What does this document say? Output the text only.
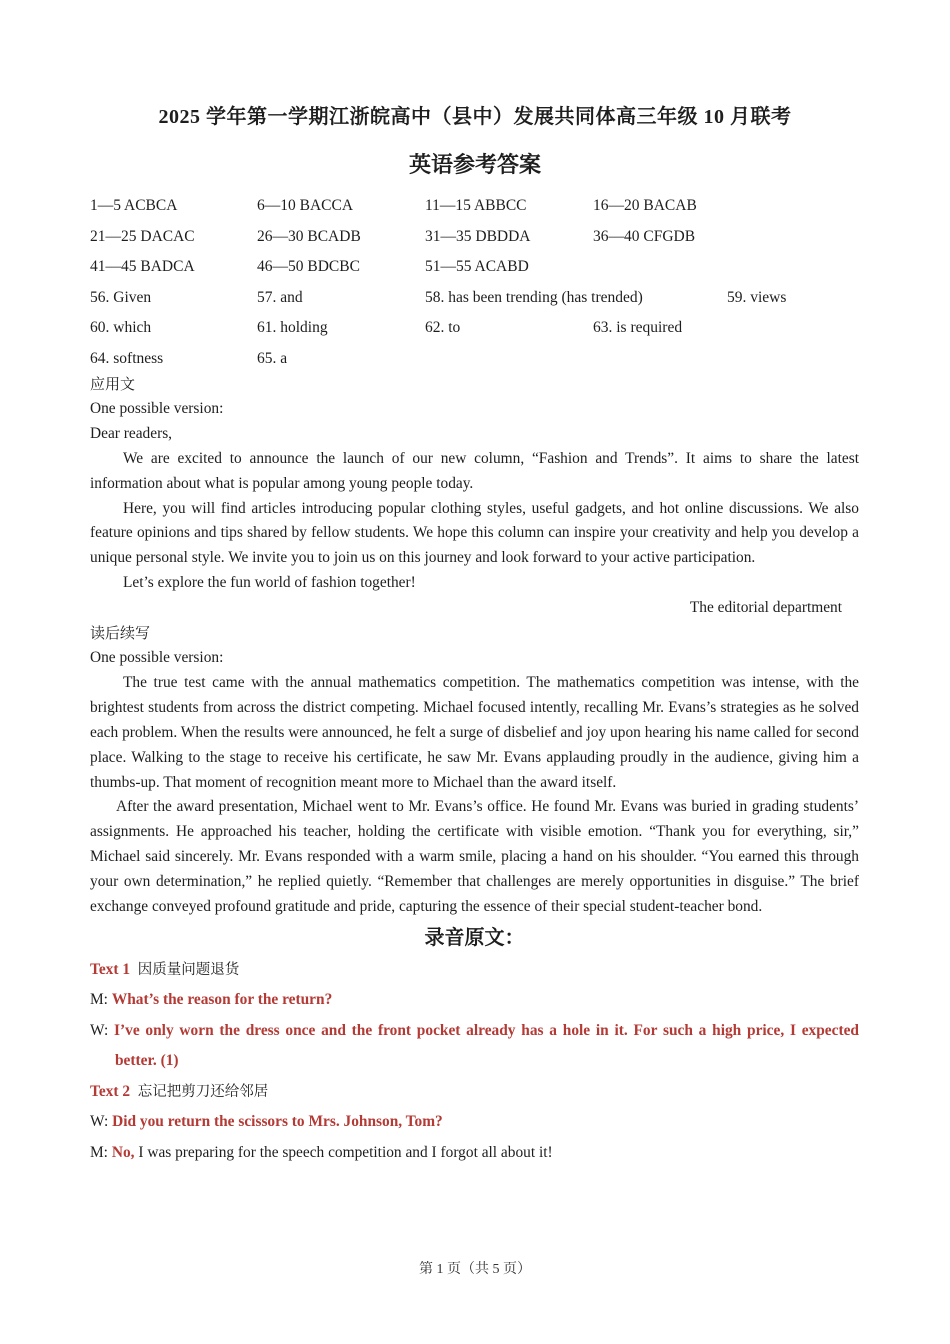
2025 学年第一学期江浙皖高中（县中）发展共同体高三年级 10 月联考
英语参考答案
1—5 ACBCA	6—10 BACCA	11—15 ABBCC	16—20 BACAB
21—25 DACAC	26—30 BCADB	31—35 DBDDA	36—40 CFGDB
41—45 BADCA	46—50 BDCBC	51—55 ACABD
56. Given	57. and	58. has been trending (has trended)	59. views
60. which	61. holding	62. to	63. is required
64. softness	65. a

应用文

One possible version:

Dear readers,

We are excited to announce the launch of our new column, “Fashion and Trends”. It aims to share the latest information about what is popular among young people today.

Here, you will find articles introducing popular clothing styles, useful gadgets, and hot online discussions. We also feature opinions and tips shared by fellow students. We hope this column can inspire your creativity and help you develop a unique personal style. We invite you to join us on this journey and look forward to your active participation.

Let’s explore the fun world of fashion together!

The editorial department

读后续写

One possible version:

The true test came with the annual mathematics competition. The mathematics competition was intense, with the brightest students from across the district competing. Michael focused intently, recalling Mr. Evans’s strategies as he solved each problem. When the results were announced, he felt a surge of disbelief and joy upon hearing his name called for second place. Walking to the stage to receive his certificate, he saw Mr. Evans applauding proudly in the audience, giving him a thumbs-up. That moment of recognition meant more to Michael than the award itself.

After the award presentation, Michael went to Mr. Evans’s office. He found Mr. Evans was buried in grading students’ assignments. He approached his teacher, holding the certificate with visible emotion. “Thank you for everything, sir,” Michael said sincerely. Mr. Evans responded with a warm smile, placing a hand on his shoulder. “You earned this through your own determination,” he replied quietly. “Remember that challenges are merely opportunities in disguise.” The brief exchange conveyed profound gratitude and pride, capturing the essence of their special student-teacher bond.

录音原文：

Text 1 因质量问题退货

M: What’s the reason for the return?

W: I’ve only worn the dress once and the front pocket already has a hole in it. For such a high price, I expected better. (1)

Text 2 忘记把剪刀还给邻居

W: Did you return the scissors to Mrs. Johnson, Tom?

M: No, I was preparing for the speech competition and I forgot all about it!

第 1 页（共 5 页）
